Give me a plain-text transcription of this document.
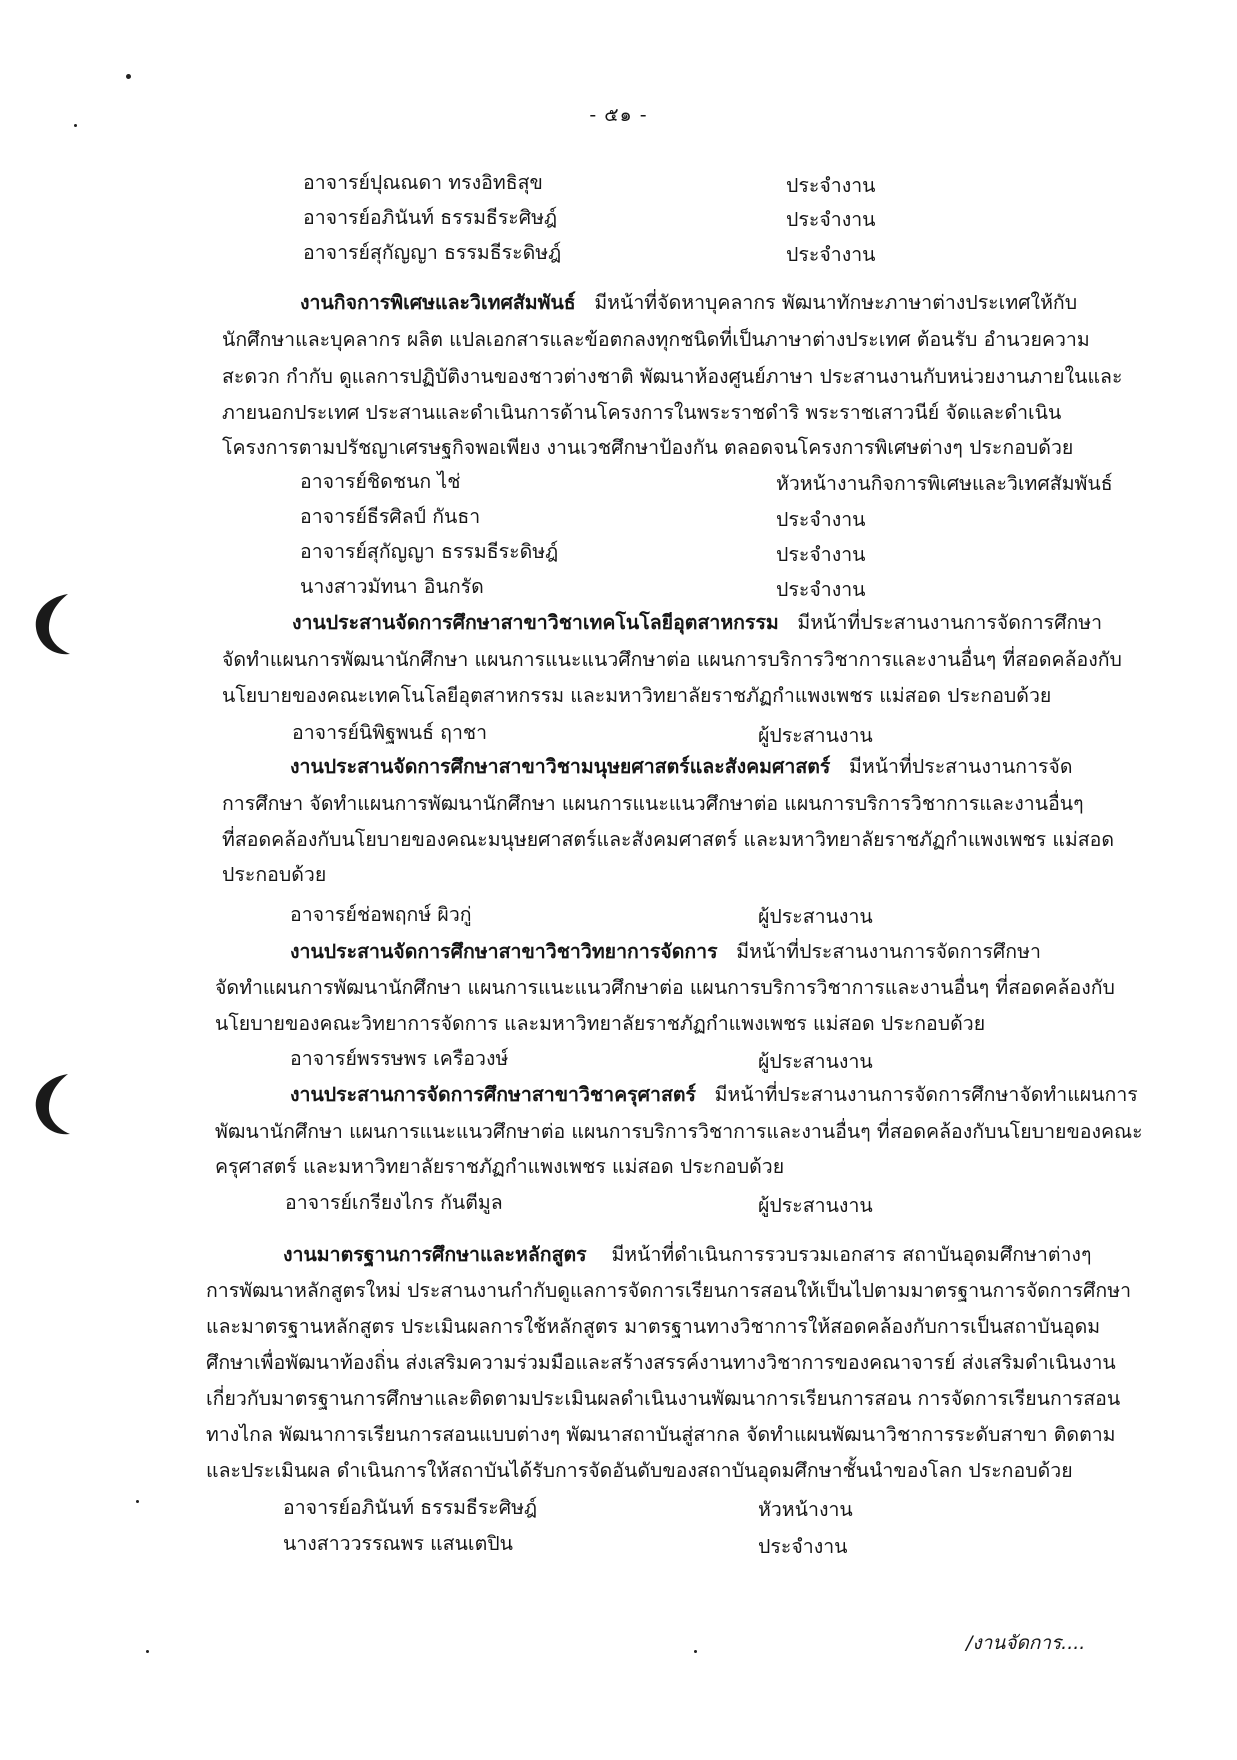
- ๕๑ -
อาจารย์ปุณณดา ทรงอิทธิสุข	ประจำงาน
อาจารย์อภินันท์ ธรรมธีระศิษฎ์	ประจำงาน
อาจารย์สุกัญญา ธรรมธีระดิษฎ์	ประจำงาน
งานกิจการพิเศษและวิเทศสัมพันธ์ มีหน้าที่จัดหาบุคลากร พัฒนาทักษะภาษาต่างประเทศให้กับ
นักศึกษาและบุคลากร ผลิต แปลเอกสารและข้อตกลงทุกชนิดที่เป็นภาษาต่างประเทศ ต้อนรับ อำนวยความ
สะดวก กำกับ ดูแลการปฏิบัติงานของชาวต่างชาติ พัฒนาห้องศูนย์ภาษา ประสานงานกับหน่วยงานภายในและ
ภายนอกประเทศ ประสานและดำเนินการด้านโครงการในพระราชดำริ พระราชเสาวนีย์ จัดและดำเนิน
โครงการตามปรัชญาเศรษฐกิจพอเพียง งานเวชศึกษาป้องกัน ตลอดจนโครงการพิเศษต่างๆ ประกอบด้วย
อาจารย์ชิดชนก ไช่	หัวหน้างานกิจการพิเศษและวิเทศสัมพันธ์
อาจารย์ธีรศิลป์ กันธา	ประจำงาน
อาจารย์สุกัญญา ธรรมธีระดิษฎ์	ประจำงาน
นางสาวมัทนา อินกรัด	ประจำงาน
งานประสานจัดการศึกษาสาขาวิชาเทคโนโลยีอุตสาหกรรม มีหน้าที่ประสานงานการจัดการศึกษา
จัดทำแผนการพัฒนานักศึกษา แผนการแนะแนวศึกษาต่อ แผนการบริการวิชาการและงานอื่นๆ ที่สอดคล้องกับ
นโยบายของคณะเทคโนโลยีอุตสาหกรรม และมหาวิทยาลัยราชภัฏกำแพงเพชร แม่สอด ประกอบด้วย
อาจารย์นิพิฐพนธ์ ฤาชา	ผู้ประสานงาน
งานประสานจัดการศึกษาสาขาวิชามนุษยศาสตร์และสังคมศาสตร์ มีหน้าที่ประสานงานการจัด
การศึกษา จัดทำแผนการพัฒนานักศึกษา แผนการแนะแนวศึกษาต่อ แผนการบริการวิชาการและงานอื่นๆ
ที่สอดคล้องกับนโยบายของคณะมนุษยศาสตร์และสังคมศาสตร์ และมหาวิทยาลัยราชภัฏกำแพงเพชร แม่สอด
ประกอบด้วย
อาจารย์ช่อพฤกษ์ ผิวกู่	ผู้ประสานงาน
งานประสานจัดการศึกษาสาขาวิชาวิทยาการจัดการ มีหน้าที่ประสานงานการจัดการศึกษา
จัดทำแผนการพัฒนานักศึกษา แผนการแนะแนวศึกษาต่อ แผนการบริการวิชาการและงานอื่นๆ ที่สอดคล้องกับ
นโยบายของคณะวิทยาการจัดการ และมหาวิทยาลัยราชภัฏกำแพงเพชร แม่สอด ประกอบด้วย
อาจารย์พรรษพร เครือวงษ์	ผู้ประสานงาน
งานประสานการจัดการศึกษาสาขาวิชาครุศาสตร์ มีหน้าที่ประสานงานการจัดการศึกษาจัดทำแผนการ
พัฒนานักศึกษา แผนการแนะแนวศึกษาต่อ แผนการบริการวิชาการและงานอื่นๆ ที่สอดคล้องกับนโยบายของคณะ
ครุศาสตร์ และมหาวิทยาลัยราชภัฏกำแพงเพชร แม่สอด ประกอบด้วย
อาจารย์เกรียงไกร กันตีมูล	ผู้ประสานงาน
งานมาตรฐานการศึกษาและหลักสูตร มีหน้าที่ดำเนินการรวบรวมเอกสาร สถาบันอุดมศึกษาต่างๆ
การพัฒนาหลักสูตรใหม่ ประสานงานกำกับดูแลการจัดการเรียนการสอนให้เป็นไปตามมาตรฐานการจัดการศึกษา
และมาตรฐานหลักสูตร ประเมินผลการใช้หลักสูตร มาตรฐานทางวิชาการให้สอดคล้องกับการเป็นสถาบันอุดม
ศึกษาเพื่อพัฒนาท้องถิ่น ส่งเสริมความร่วมมือและสร้างสรรค์งานทางวิชาการของคณาจารย์ ส่งเสริมดำเนินงาน
เกี่ยวกับมาตรฐานการศึกษาและติดตามประเมินผลดำเนินงานพัฒนาการเรียนการสอน การจัดการเรียนการสอน
ทางไกล พัฒนาการเรียนการสอนแบบต่างๆ พัฒนาสถาบันสู่สากล จัดทำแผนพัฒนาวิชาการระดับสาขา ติดตาม
และประเมินผล ดำเนินการให้สถาบันได้รับการจัดอันดับของสถาบันอุดมศึกษาชั้นนำของโลก ประกอบด้วย
อาจารย์อภินันท์ ธรรมธีระศิษฎ์	หัวหน้างาน
นางสาววรรณพร แสนเตปิน	ประจำงาน
/งานจัดการ....
